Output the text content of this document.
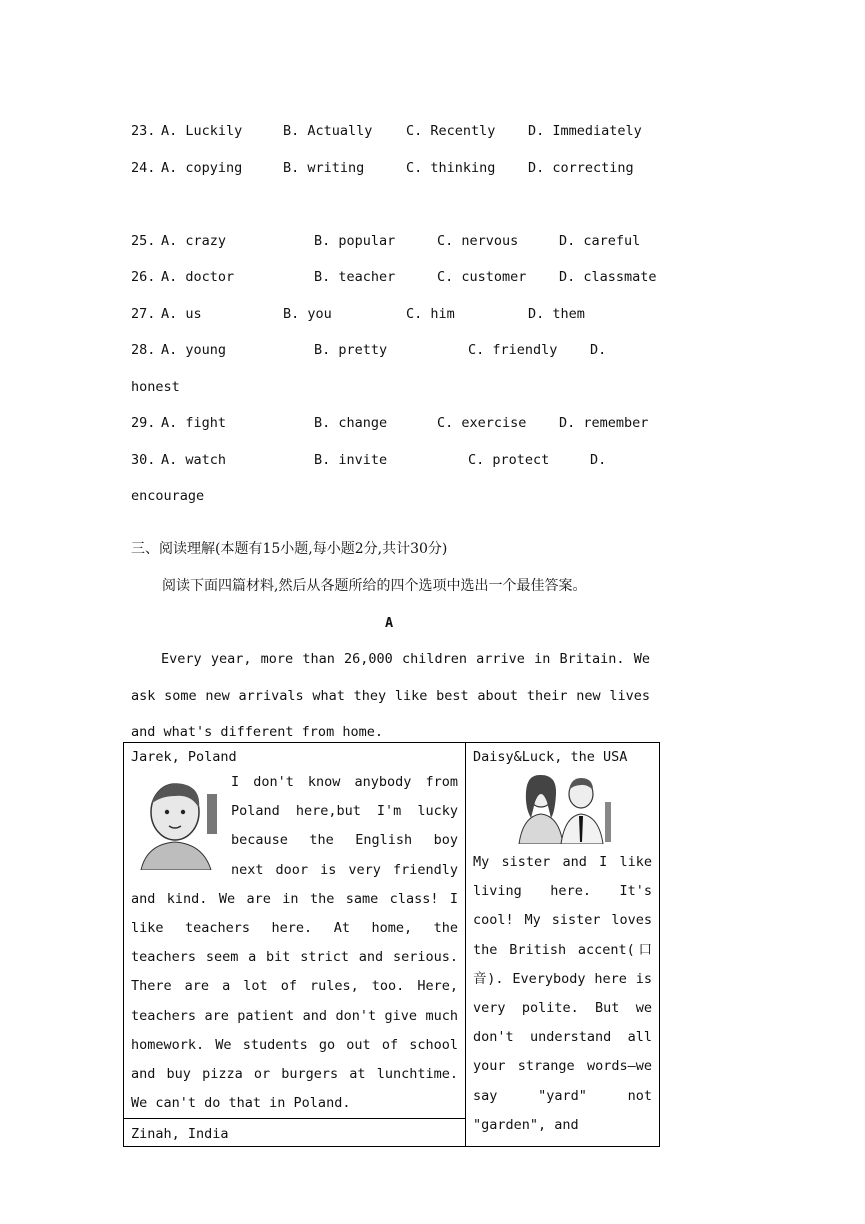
23. A. Luckily	B. Actually C. Recently D. Immediately
24. A. copying	B. writing	C. thinking D. correcting
25. A. crazy	B. popular	C. nervous	D. careful
26. A. doctor	B. teacher	C. customer D. classmate
27. A. us	B. you	C. him	D. them
28. A. young	B. pretty	C. friendly D.
honest
29. A. fight	B. change	C. exercise D. remember
30. A. watch	B. invite	C. protect	D.
encourage
三、阅读理解(本题有15小题,每小题2分,共计30分)
阅读下面四篇材料,然后从各题所给的四个选项中选出一个最佳答案。
A
Every year, more than 26,000 children arrive in Britain. We ask some new arrivals what they like best about their new lives and what's different from home.
Jarek, Poland
I don't know anybody from Poland here,but I'm lucky because the English boy next door is very friendly and kind. We are in the same class! I like teachers here. At home, the teachers seem a bit strict and serious. There are a lot of rules, too. Here, teachers are patient and don't give much homework. We students go out of school and buy pizza or burgers at lunchtime. We can't do that in Poland.

Daisy&Luck, the USA
My sister and I like living here. It's cool! My sister loves the British accent(口音). Everybody here is very polite. But we don't understand all your strange words—we say "yard" not "garden", and

Zinah, India
